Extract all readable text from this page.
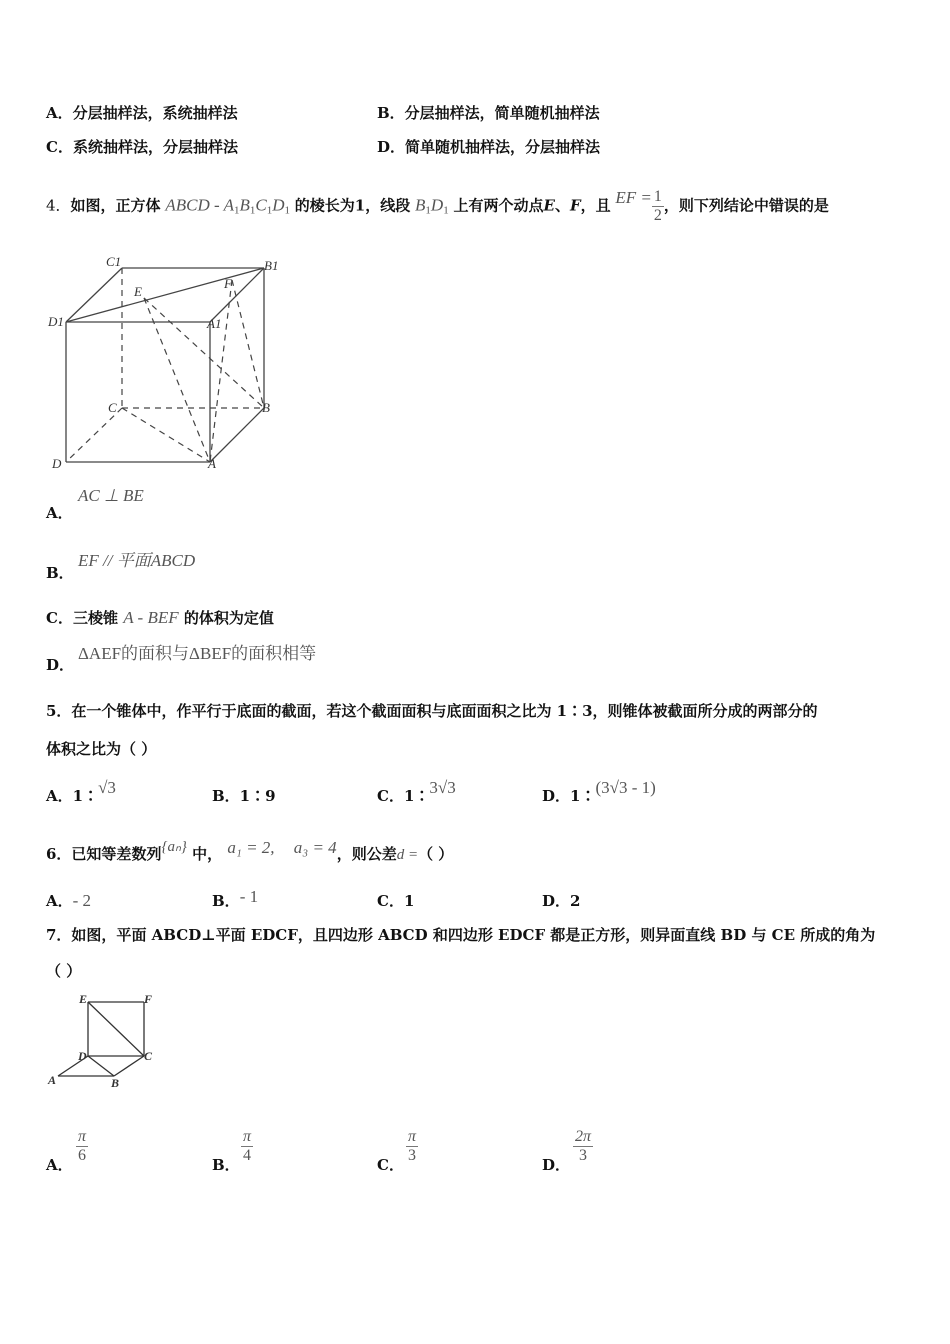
A．分层抽样法，系统抽样法	B．分层抽样法，简单随机抽样法
C．系统抽样法，分层抽样法	D．简单随机抽样法，分层抽样法
4．如图，正方体 ABCD - $A_1B_1C_1D_1$ 的棱长为1，线段 $B_1D_1$ 上有两个动点E、F，且 EF = $\frac{1}{2}$ ，则下列结论中错误的是
C1	B1
E
F
D1	A1
C	B
D	A
A．
AC ⊥ BE
B．
EF // 平面ABCD
C．三棱锥 A - BEF 的体积为定值
D．
ΔAEF的面积与ΔBEF的面积相等
5．在一个锥体中，作平行于底面的截面，若这个截面面积与底面面积之比为 1∶3，则锥体被截面所分成的两部分的
体积之比为（ ）
A．1∶√3	B．1∶9	C．1∶3√3	D．1∶(3√3 - 1)
6．已知等差数列{aₙ} 中， a₁ = 2, a₃ = 4，则公差d =（ ）
A．- 2	B．- 1	C．1	D．2
7．如图，平面 ABCD⊥平面 EDCF，且四边形 ABCD 和四边形 EDCF 都是正方形，则异面直线 BD 与 CE 所成的角为
（ ）
E	F
D	C
A	B
A． $\frac{\pi}{6}$	B． $\frac{\pi}{4}$	C． $\frac{\pi}{3}$	D． $\frac{2\pi}{3}$
